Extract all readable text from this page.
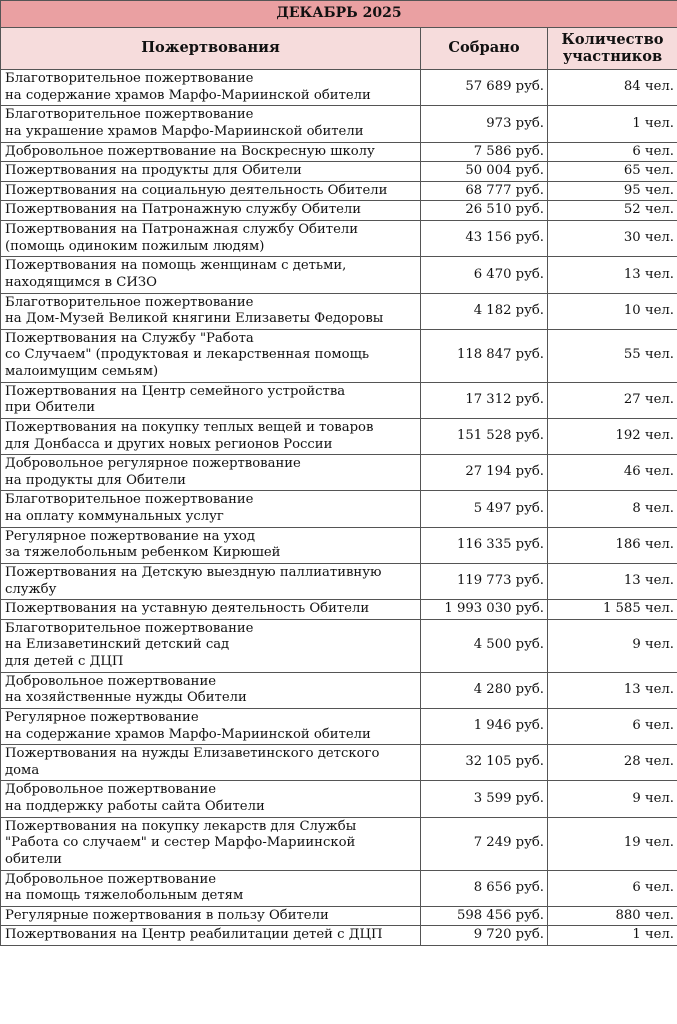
ДЕКАБРЬ 2025		
Пожертвования	Собрано	Количество
участников
Благотворительное пожертвование
на содержание храмов Марфо-Мариинской обители	57 689 руб.	84 чел.
Благотворительное пожертвование
на украшение храмов Марфо-Мариинской обители	973 руб.	1 чел.
Добровольное пожертвование на Воскресную школу	7 586 руб.	6 чел.
Пожертвования на продукты для Обители	50 004 руб.	65 чел.
Пожертвования на социальную деятельность Обители	68 777 руб.	95 чел.
Пожертвования на Патронажную службу Обители	26 510 руб.	52 чел.
Пожертвования на Патронажная службу Обители
(помощь одиноким пожилым людям)	43 156 руб.	30 чел.
Пожертвования на помощь женщинам с детьми,
находящимся в СИЗО	6 470 руб.	13 чел.
Благотворительное пожертвование
на Дом-Музей Великой княгини Елизаветы Федоровы	4 182 руб.	10 чел.
Пожертвования на Службу "Работа
со Случаем" (продуктовая и лекарственная помощь
малоимущим семьям)	118 847 руб.	55 чел.
Пожертвования на Центр семейного устройства
при Обители	17 312 руб.	27 чел.
Пожертвования на покупку теплых вещей и товаров
для Донбасса и других новых регионов России	151 528 руб.	192 чел.
Добровольное регулярное пожертвование
на продукты для Обители	27 194 руб.	46 чел.
Благотворительное пожертвование
на оплату коммунальных услуг	5 497 руб.	8 чел.
Регулярное пожертвование на уход
за тяжелобольным ребенком Кирюшей	116 335 руб.	186 чел.
Пожертвования на Детскую выездную паллиативную
службу	119 773 руб.	13 чел.
Пожертвования на уставную деятельность Обители	1 993 030 руб.	1 585 чел.
Благотворительное пожертвование
на Елизаветинский детский сад
для детей с ДЦП	4 500 руб.	9 чел.
Добровольное пожертвование
на хозяйственные нужды Обители	4 280 руб.	13 чел.
Регулярное пожертвование
на содержание храмов Марфо-Мариинской обители	1 946 руб.	6 чел.
Пожертвования на нужды Елизаветинского детского
дома	32 105 руб.	28 чел.
Добровольное пожертвование
на поддержку работы сайта Обители	3 599 руб.	9 чел.
Пожертвования на покупку лекарств для Службы
"Работа со случаем" и сестер Марфо-Мариинской
обители	7 249 руб.	19 чел.
Добровольное пожертвование
на помощь тяжелобольным детям	8 656 руб.	6 чел.
Регулярные пожертвования в пользу Обители	598 456 руб.	880 чел.
Пожертвования на Центр реабилитации детей с ДЦП	9 720 руб.	1 чел.
